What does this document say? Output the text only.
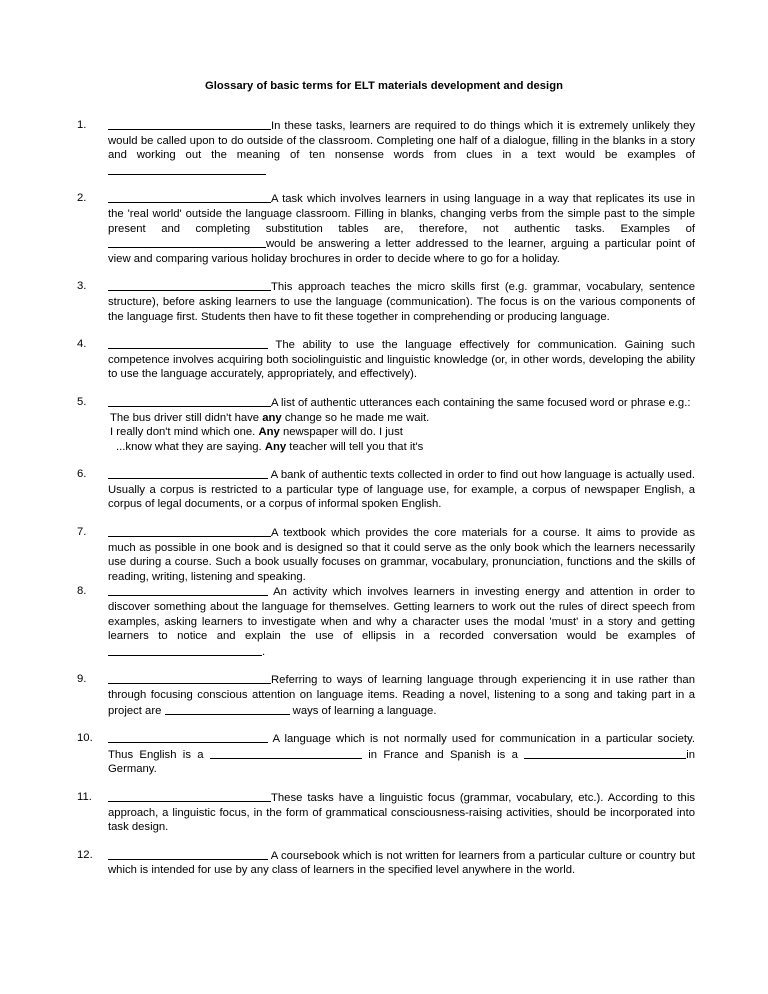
Glossary of basic terms for ELT materials development and design
1.	In these tasks, learners are required to do things which it is extremely unlikely they would be called upon to do outside of the classroom. Completing one half of a dialogue, filling in the blanks in a story and working out the meaning of ten nonsense words from clues in a text would be examples of
2.	A task which involves learners in using language in a way that replicates its use in the 'real world' outside the language classroom. Filling in blanks, changing verbs from the simple past to the simple present and completing substitution tables are, therefore, not authentic tasks. Examples of would be answering a letter addressed to the learner, arguing a particular point of view and comparing various holiday brochures in order to decide where to go for a holiday.
3.	This approach teaches the micro skills first (e.g. grammar, vocabulary, sentence structure), before asking learners to use the language (communication). The focus is on the various components of the language first. Students then have to fit these together in comprehending or producing language.
4.	The ability to use the language effectively for communication. Gaining such competence involves acquiring both sociolinguistic and linguistic knowledge (or, in other words, developing the ability to use the language accurately, appropriately, and effectively).
5.	A list of authentic utterances each containing the same focused word or phrase e.g.:
The bus driver still didn't have any change so he made me wait.
I really don't mind which one. Any newspaper will do. I just
...know what they are saying. Any teacher will tell you that it's
6.	A bank of authentic texts collected in order to find out how language is actually used. Usually a corpus is restricted to a particular type of language use, for example, a corpus of newspaper English, a corpus of legal documents, or a corpus of informal spoken English.
7.	A textbook which provides the core materials for a course. It aims to provide as much as possible in one book and is designed so that it could serve as the only book which the learners necessarily use during a course. Such a book usually focuses on grammar, vocabulary, pronunciation, functions and the skills of reading, writing, listening and speaking.
8.	An activity which involves learners in investing energy and attention in order to discover something about the language for themselves. Getting learners to work out the rules of direct speech from examples, asking learners to investigate when and why a character uses the modal 'must' in a story and getting learners to notice and explain the use of ellipsis in a recorded conversation would be examples of .
9.	Referring to ways of learning language through experiencing it in use rather than through focusing conscious attention on language items. Reading a novel, listening to a song and taking part in a project are	ways of learning a language.
10.	A language which is not normally used for communication in a particular society. Thus English is a	in France and Spanish is a	in Germany.
11.	These tasks have a linguistic focus (grammar, vocabulary, etc.). According to this approach, a linguistic focus, in the form of grammatical consciousness-raising activities, should be incorporated into task design.
12.	A coursebook which is not written for learners from a particular culture or country but which is intended for use by any class of learners in the specified level anywhere in the world.
